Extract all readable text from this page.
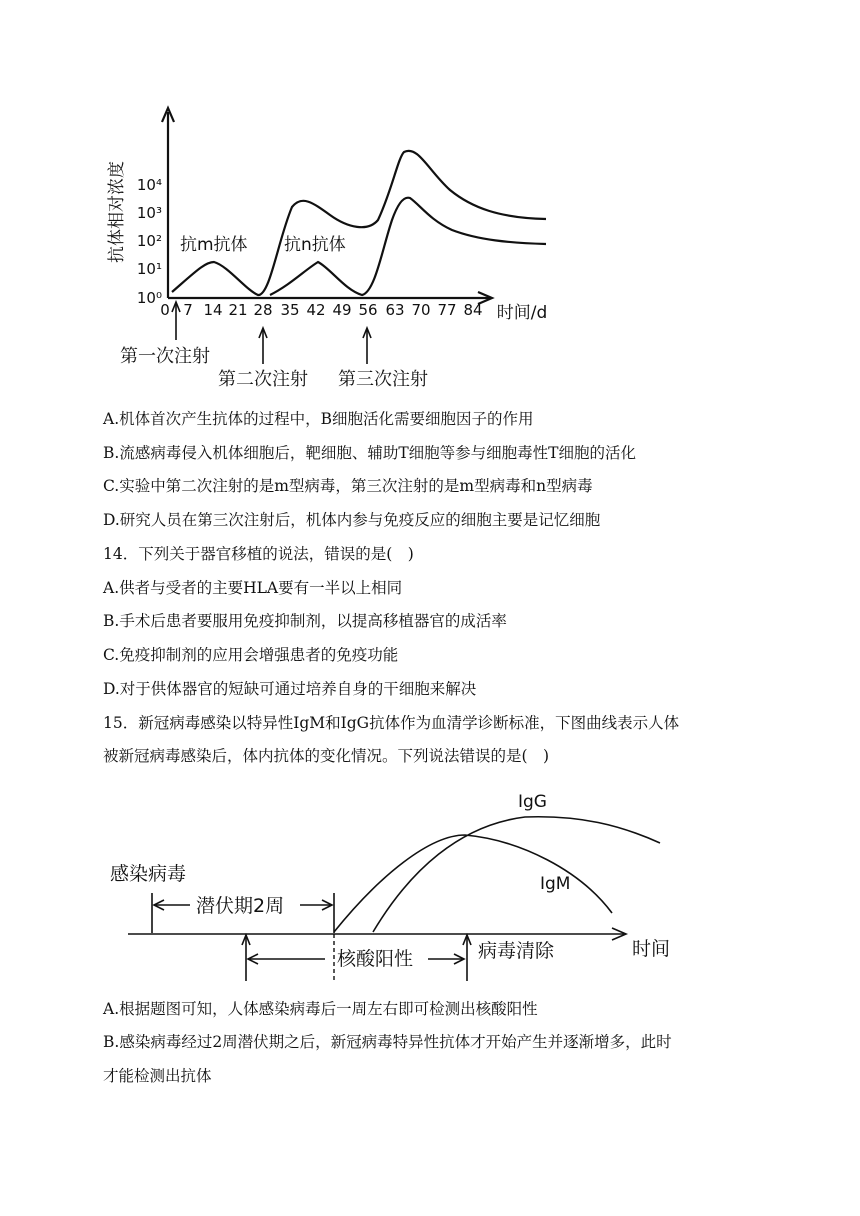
抗体相对浓度
10⁰
10¹
10²
10³
10⁴
0 7 14 21 28 35 42 49 56 63 70 77 84 时间/d
抗m抗体 抗n抗体
第一次注射
第二次注射 第三次注射
A.机体首次产生抗体的过程中，B细胞活化需要细胞因子的作用
B.流感病毒侵入机体细胞后，靶细胞、辅助T细胞等参与细胞毒性T细胞的活化
C.实验中第二次注射的是m型病毒，第三次注射的是m型病毒和n型病毒
D.研究人员在第三次注射后，机体内参与免疫反应的细胞主要是记忆细胞
14．下列关于器官移植的说法，错误的是(　)
A.供者与受者的主要HLA要有一半以上相同
B.手术后患者要服用免疫抑制剂，以提高移植器官的成活率
C.免疫抑制剂的应用会增强患者的免疫功能
D.对于供体器官的短缺可通过培养自身的干细胞来解决
15．新冠病毒感染以特异性IgM和IgG抗体作为血清学诊断标准，下图曲线表示人体
被新冠病毒感染后，体内抗体的变化情况。下列说法错误的是(　)
IgG
IgM
感染病毒
潜伏期2周
时间
核酸阳性	病毒清除
A.根据题图可知，人体感染病毒后一周左右即可检测出核酸阳性
B.感染病毒经过2周潜伏期之后，新冠病毒特异性抗体才开始产生并逐渐增多，此时
才能检测出抗体
